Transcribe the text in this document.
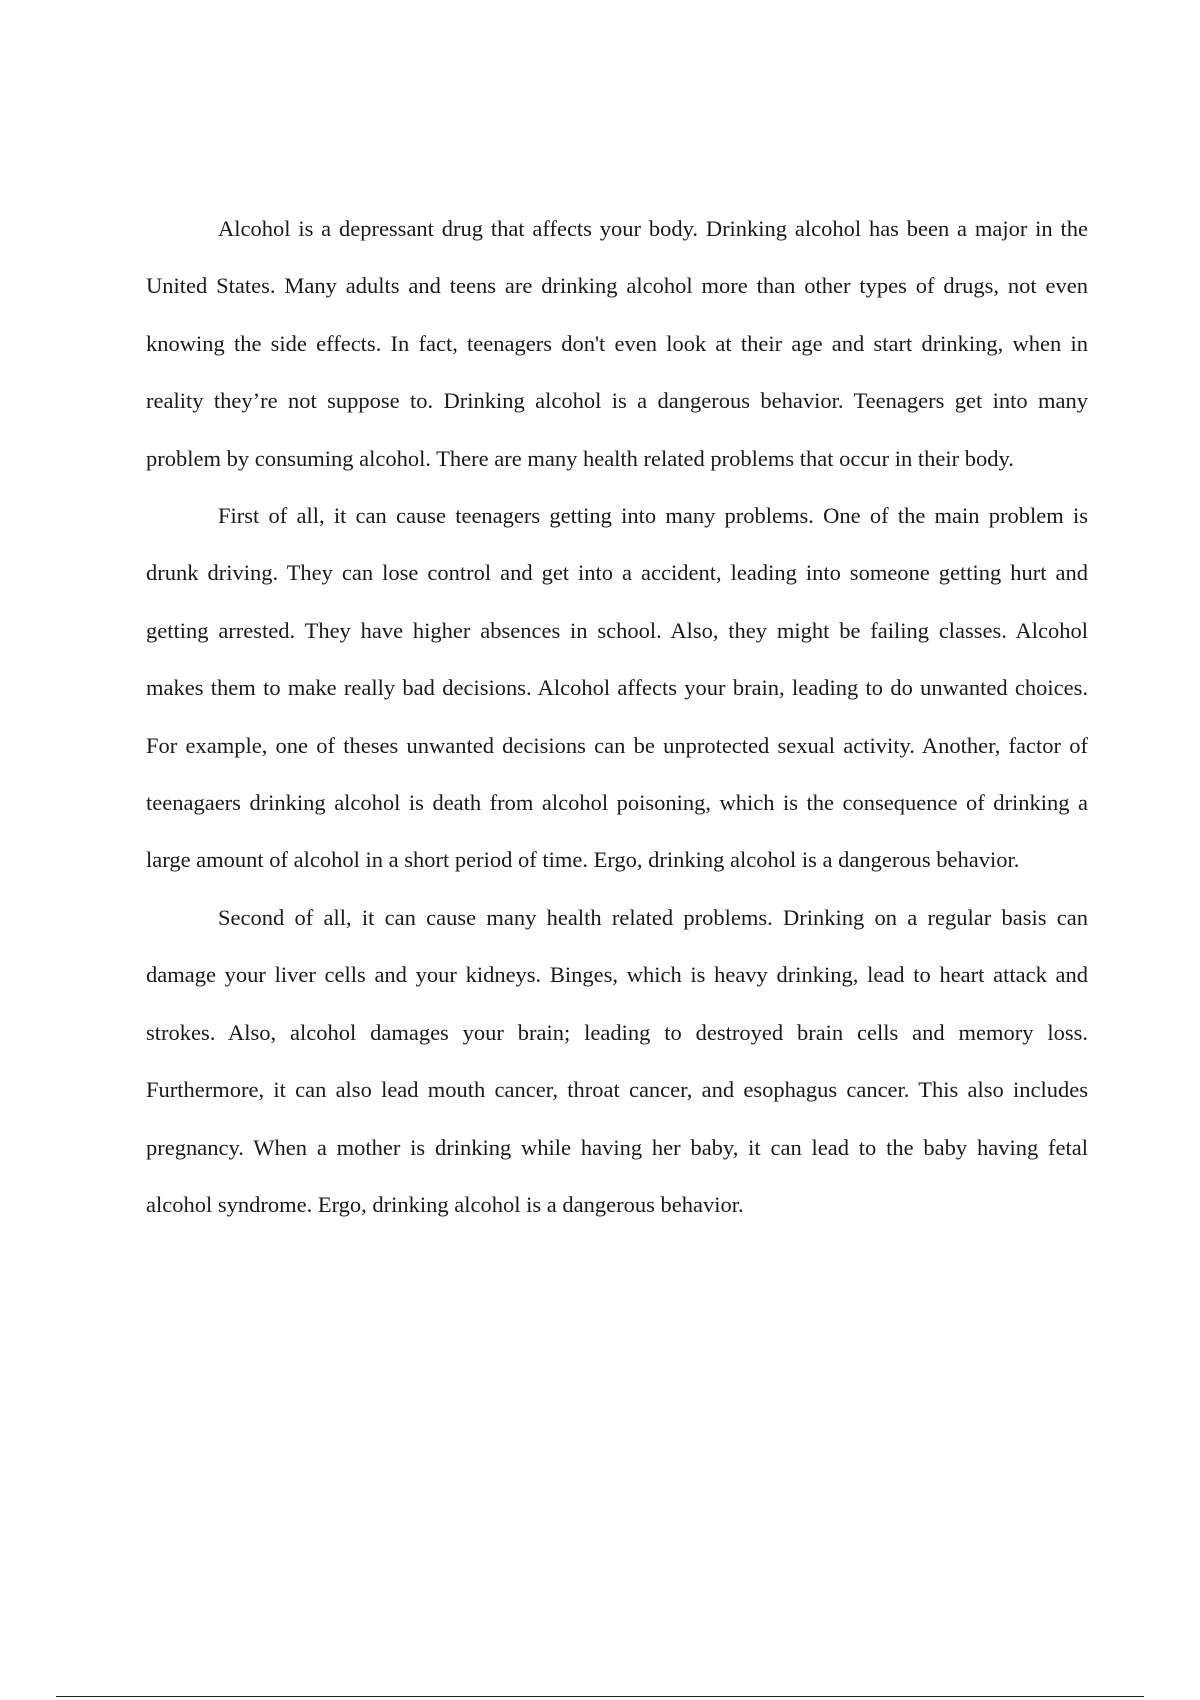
Alcohol is a depressant drug that affects your body. Drinking alcohol has been a major in the United States. Many adults and teens are drinking alcohol more than other types of drugs, not even knowing the side effects. In fact, teenagers don't even look at their age and start drinking, when in reality they’re not suppose to. Drinking alcohol is a dangerous behavior. Teenagers get into many problem by consuming alcohol. There are many health related problems that occur in their body.

First of all, it can cause teenagers getting into many problems. One of the main problem is drunk driving. They can lose control and get into a accident, leading into someone getting hurt and getting arrested. They have higher absences in school. Also, they might be failing classes. Alcohol makes them to make really bad decisions. Alcohol affects your brain, leading to do unwanted choices. For example, one of theses unwanted decisions can be unprotected sexual activity. Another, factor of teenagaers drinking alcohol is death from alcohol poisoning, which is the consequence of drinking a large amount of alcohol in a short period of time. Ergo, drinking alcohol is a dangerous behavior.

Second of all, it can cause many health related problems. Drinking on a regular basis can damage your liver cells and your kidneys. Binges, which is heavy drinking, lead to heart attack and strokes. Also, alcohol damages your brain; leading to destroyed brain cells and memory loss. Furthermore, it can also lead mouth cancer, throat cancer, and esophagus cancer. This also includes pregnancy. When a mother is drinking while having her baby, it can lead to the baby having fetal alcohol syndrome. Ergo, drinking alcohol is a dangerous behavior.
